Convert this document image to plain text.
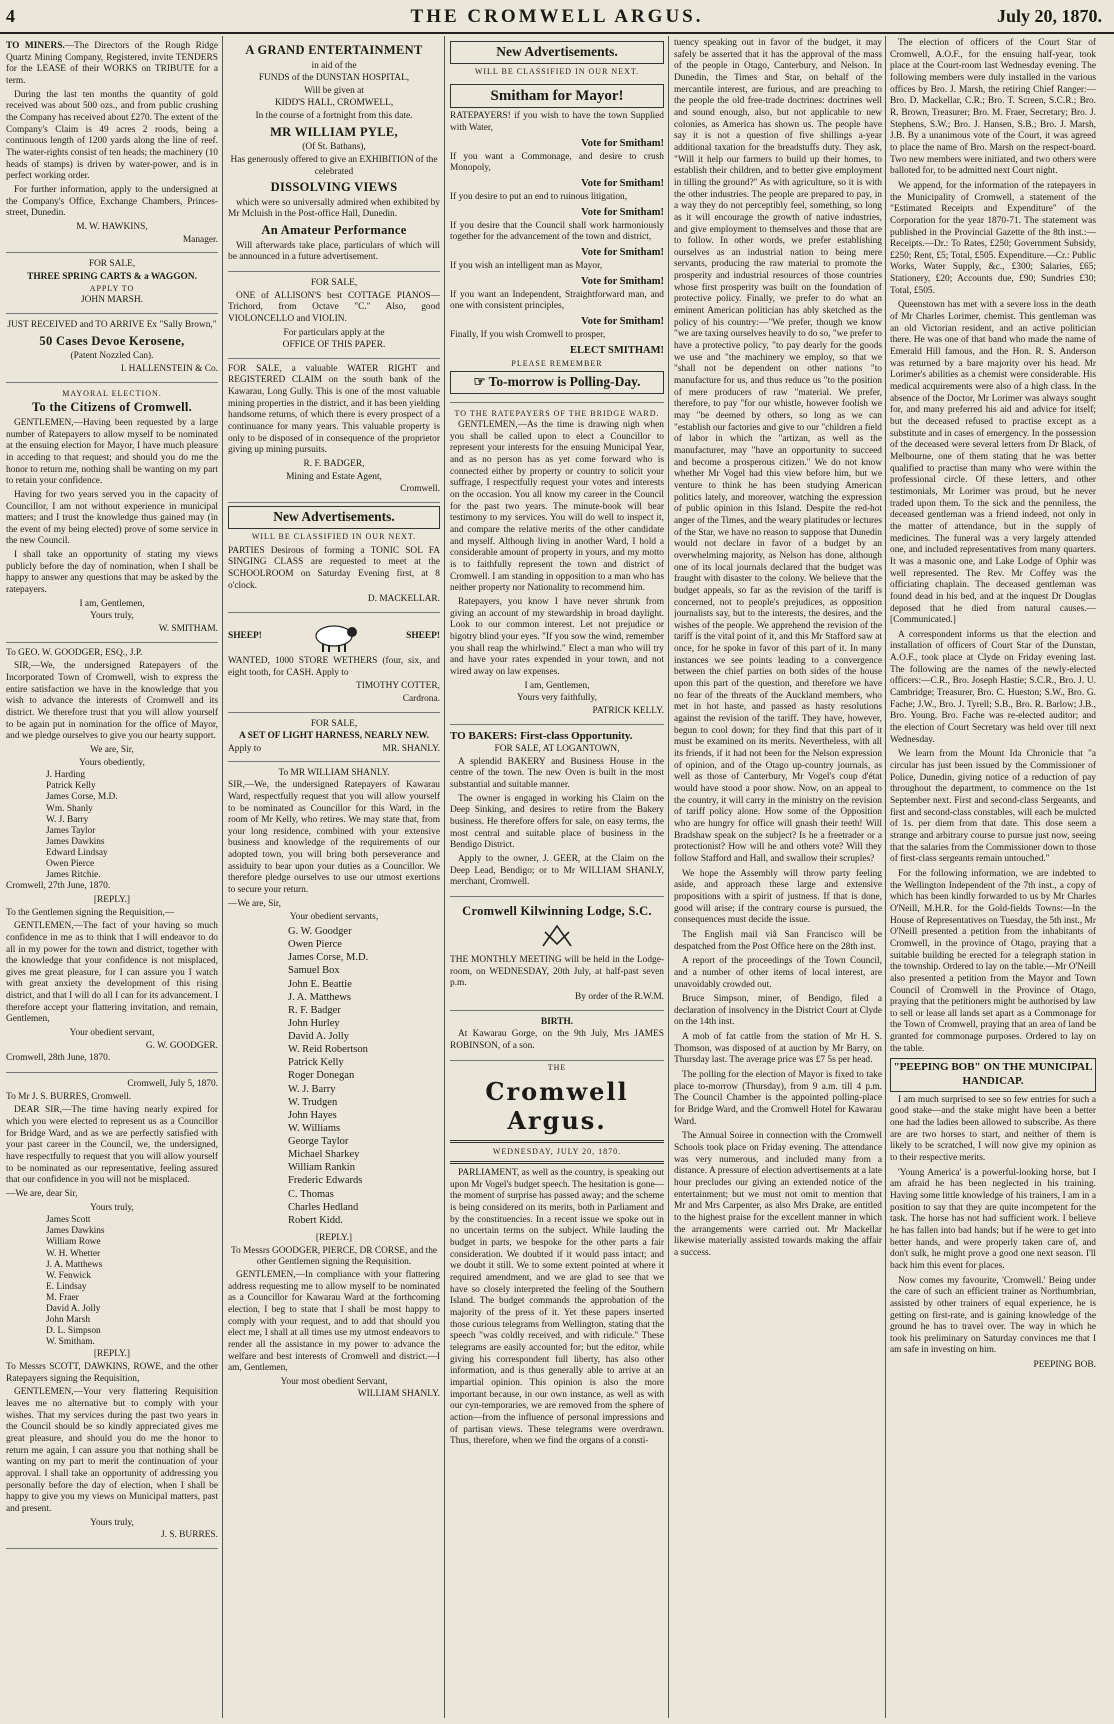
4	THE CROMWELL ARGUS.	July 20, 1870.

TO MINERS.—The Directors of the Rough Ridge Quartz Mining Company, Registered, invite TENDERS for the LEASE of their WORKS on TRIBUTE for a term.

During the last ten months the quantity of gold received was about 500 ozs., and from public crushing the Company has received about £270. The extent of the Company's Claim is 49 acres 2 roods, being a continuous length of 1200 yards along the line of reef. The water-rights consist of ten heads; the machinery (10 heads of stamps) is driven by water-power, and is in perfect working order.

For further information, apply to the undersigned at the Company's Office, Exchange Chambers, Princes-street, Dunedin.

M. W. HAWKINS,
Manager.
FOR SALE,
THREE SPRING CARTS & a WAGGON.
APPLY TO
JOHN MARSH.
JUST RECEIVED and TO ARRIVE Ex "Sally Brown,"
50 Cases Devoe Kerosene,
(Patent Nozzled Can).
I. HALLENSTEIN & Co.
MAYORAL ELECTION.
To the Citizens of Cromwell.

GENTLEMEN,—Having been requested by a large number of Ratepayers to allow myself to be nominated at the ensuing election for Mayor, I have much pleasure in acceding to that request; and should you do me the honor to return me, nothing shall be wanting on my part to retain your confidence.

Having for two years served you in the capacity of Councillor, I am not without experience in municipal matters; and I trust the knowledge thus gained may (in the event of my being elected) prove of some service in the new Council.

I shall take an opportunity of stating my views publicly before the day of nomination, when I shall be happy to answer any questions that may be asked by the ratepayers.

I am, Gentlemen,
Yours truly,
W. SMITHAM.

To GEO. W. GOODGER, ESQ., J.P.

SIR,—We, the undersigned Ratepayers of the Incorporated Town of Cromwell, wish to express the entire satisfaction we have in the knowledge that you wish to advance the interests of Cromwell and its district. We therefore trust that you will allow yourself to be again put in nomination for the office of Mayor, and we pledge ourselves to give you our hearty support.

We are, Sir,
Yours obediently,
J. Harding
Patrick Kelly
James Corse, M.D.
Wm. Shanly
W. J. Barry
James Taylor
James Dawkins
Edward Lindsay
Owen Pierce
James Ritchie.

Cromwell, 27th June, 1870.

[REPLY.]

To the Gentlemen signing the Requisition,—

GENTLEMEN,—The fact of your having so much confidence in me as to think that I will endeavor to do all in my power for the town and district, together with the knowledge that your confidence is not misplaced, gives me great pleasure, for I can assure you I watch with great anxiety the development of this rising district, and that I will do all I can for its advancement. I therefore accept your flattering invitation, and remain, Gentlemen,

Your obedient servant,
G. W. GOODGER.

Cromwell, 28th June, 1870.

Cromwell, July 5, 1870.

To Mr J. S. BURRES, Cromwell.

DEAR SIR,—The time having nearly expired for which you were elected to represent us as a Councillor for Bridge Ward, and as we are perfectly satisfied with your past career in the Council, we, the undersigned, have respectfully to request that you will allow yourself to be nominated as our representative, feeling assured that our confidence in you will not be misplaced.

—We are, dear Sir,

Yours truly,
James Scott
James Dawkins
William Rowe
W. H. Whetter
J. A. Matthews
W. Fenwick
E. Lindsay
M. Fraer
David A. Jolly
John Marsh
D. L. Simpson
W. Smitham.
[REPLY.]

To Messrs SCOTT, DAWKINS, ROWE, and the other Ratepayers signing the Requisition,

GENTLEMEN,—Your very flattering Requisition leaves me no alternative but to comply with your wishes. That my services during the past two years in the Council should be so kindly appreciated gives me great pleasure, and should you do me the honor to return me again, I can assure you that nothing shall be wanting on my part to merit the continuation of your approval. I shall take an opportunity of addressing you personally before the day of election, when I shall be happy to give you my views on Municipal matters, past and present.

Yours truly,
J. S. BURRES.
A GRAND ENTERTAINMENT
in aid of the
FUNDS of the DUNSTAN HOSPITAL,
Will be given at
KIDD'S HALL, CROMWELL,
In the course of a fortnight from this date.
MR WILLIAM PYLE,
(Of St. Bathans),
Has generously offered to give an EXHIBITION of the celebrated
DISSOLVING VIEWS

which were so universally admired when exhibited by Mr Mcluish in the Post-office Hall, Dunedin.

An Amateur Performance

Will afterwards take place, particulars of which will be announced in a future advertisement.

FOR SALE,

ONE of ALLISON'S best COTTAGE PIANOS—Trichord, from Octave "C." Also, good VIOLONCELLO and VIOLIN.

For particulars apply at the
OFFICE OF THIS PAPER.

FOR SALE, a valuable WATER RIGHT and REGISTERED CLAIM on the south bank of the Kawarau, Long Gully. This is one of the most valuable mining properties in the district, and it has been yielding handsome returns, of which there is every prospect of a continuance for many years. This valuable property is only to be disposed of in consequence of the proprietor giving up mining pursuits.

R. F. BADGER,
Mining and Estate Agent,
Cromwell.
New Advertisements.
WILL BE CLASSIFIED IN OUR NEXT.

PARTIES Desirous of forming a TONIC SOL FA SINGING CLASS are requested to meet at the SCHOOLROOM on Saturday Evening first, at 8 o'clock.

D. MACKELLAR.
SHEEP!	SHEEP!

WANTED, 1000 STORE WETHERS (four, six, and eight tooth, for CASH. Apply to

TIMOTHY COTTER,
Cardrona.
FOR SALE,
A SET OF LIGHT HARNESS, NEARLY NEW.
Apply to	MR. SHANLY.
To MR WILLIAM SHANLY.

SIR,—We, the undersigned Ratepayers of Kawarau Ward, respectfully request that you will allow yourself to be nominated as Councillor for this Ward, in the room of Mr Kelly, who retires. We may state that, from your long residence, combined with your extensive business and knowledge of the requirements of our adopted town, you will bring both perseverance and assiduity to bear upon your duties as a Councillor. We therefore pledge ourselves to use our utmost exertions to secure your return.

—We are, Sir,

Your obedient servants,
G. W. Goodger
Owen Pierce
James Corse, M.D.
Samuel Box
John E. Beattie
J. A. Matthews
R. F. Badger
John Hurley
David A. Jolly
W. Reid Robertson
Patrick Kelly
Roger Donegan
W. J. Barry
W. Trudgen
John Hayes
W. Williams
George Taylor
Michael Sharkey
William Rankin
Frederic Edwards
C. Thomas
Charles Hedland
Robert Kidd.
[REPLY.]
To Messrs GOODGER, PIERCE, DR CORSE, and the other Gentlemen signing the Requisition.

GENTLEMEN,—In compliance with your flattering address requesting me to allow myself to be nominated as a Councillor for Kawarau Ward at the forthcoming election, I beg to state that I shall be most happy to comply with your request, and to add that should you elect me, I shall at all times use my utmost endeavors to render all the assistance in my power to advance the welfare and best interests of Cromwell and district.—I am, Gentlemen,

Your most obedient Servant,
WILLIAM SHANLY.
New Advertisements.
WILL BE CLASSIFIED IN OUR NEXT.
Smitham for Mayor!

RATEPAYERS! if you wish to have the town Supplied with Water,

Vote for Smitham!

If you want a Commonage, and desire to crush Monopoly,

Vote for Smitham!

If you desire to put an end to ruinous litigation,

Vote for Smitham!

If you desire that the Council shall work harmoniously together for the advancement of the town and district,

Vote for Smitham!

If you wish an intelligent man as Mayor,

Vote for Smitham!

If you want an Independent, Straightforward man, and one with consistent principles,

Vote for Smitham!

Finally, If you wish Cromwell to prosper,

ELECT SMITHAM!
PLEASE REMEMBER
☞ To-morrow is Polling-Day.
TO THE RATEPAYERS OF THE BRIDGE WARD.

GENTLEMEN,—As the time is drawing nigh when you shall be called upon to elect a Councillor to represent your interests for the ensuing Municipal Year, and as no person has as yet come forward who is connected either by property or country to solicit your suffrage, I respectfully request your votes and interests on the occasion. You all know my career in the Council for the past two years. The minute-book will bear testimony to my services. You will do well to inspect it, and compare the relative merits of the other candidate and myself. Although living in another Ward, I hold a considerable amount of property in yours, and my motto is to faithfully represent the town and district of Cromwell. I am standing in opposition to a man who has neither property nor Nationality to recommend him.

Ratepayers, you know I have never shrunk from giving an account of my stewardship in broad daylight. Look to our common interest. Let not prejudice or bigotry blind your eyes. "If you sow the wind, remember you shall reap the whirlwind." Elect a man who will try and have your rates expended in your town, and not wired away on law expenses.

I am, Gentlemen,
Yours very faithfully,
PATRICK KELLY.
TO BAKERS: First-class Opportunity.
FOR SALE, AT LOGANTOWN,

A splendid BAKERY and Business House in the centre of the town. The new Oven is built in the most substantial and suitable manner.

The owner is engaged in working his Claim on the Deep Sinking, and desires to retire from the Bakery business. He therefore offers for sale, on easy terms, the most central and suitable place of business in the Bendigo District.

Apply to the owner, J. GEER, at the Claim on the Deep Lead, Bendigo; or to Mr WILLIAM SHANLY, merchant, Cromwell.

Cromwell Kilwinning Lodge, S.C.

THE MONTHLY MEETING will be held in the Lodge-room, on WEDNESDAY, 20th July, at half-past seven p.m.

By order of the R.W.M.
BIRTH.

At Kawarau Gorge, on the 9th July, Mrs JAMES ROBINSON, of a son.

THE
Cromwell Argus.
WEDNESDAY, JULY 20, 1870.

PARLIAMENT, as well as the country, is speaking out upon Mr Vogel's budget speech. The hesitation is gone—the moment of surprise has passed away; and the scheme is being considered on its merits, both in Parliament and by the constituencies. In a recent issue we spoke out in no uncertain terms on the subject. While lauding the budget in parts, we bespoke for the other parts a fair consideration. We doubted if it would pass intact; and we doubt it still. We to some extent pointed at where it required amendment, and we are glad to see that we have so closely interpreted the feeling of the Southern Island. The budget commands the approbation of the majority of the press of it. Yet these papers inserted those curious telegrams from Wellington, stating that the speech "was coldly received, and with ridicule." These telegrams are easily accounted for; but the editor, while giving his correspondent full liberty, has also other information, and is thus generally able to arrive at an impartial opinion. This opinion is also the more important because, in our own instance, as well as with our cyn-temporaries, we are removed from the sphere of action—from the influence of personal impressions and of partisan views. These telegrams were overdrawn. Thus, therefore, when we find the organs of a consti-

tuency speaking out in favor of the budget, it may safely be asserted that it has the approval of the mass of the people in Otago, Canterbury, and Nelson. In Dunedin, the Times and Star, on behalf of the mercantile interest, are furious, and are preaching to the people the old free-trade doctrines: doctrines well and sound enough, also, but not applicable to new colonies, as America has shown us. The people have say it is not a question of five shillings a-year additional taxation for the breadstuffs duty. They ask, "Will it help our farmers to build up their homes, to establish their children, and to better give employment in tilling the ground?" As with agriculture, so it is with the other industries. The people are prepared to pay, in a way they do not perceptibly feel, something, so long as it will encourage the growth of native industries, and give employment to themselves and those that are to follow. In other words, we prefer establishing ourselves as an industrial nation to being mere servants, producing the raw material to promote the prosperity and industrial resources of those countries whose first prosperity was built on the foundation of protective policy. Finally, we prefer to do what an eminent American politician has ably sketched as the policy of his country:—"We prefer, though we know "we are taxing ourselves heavily to do so, "we prefer to have a protective policy, "to pay dearly for the goods we use and "the machinery we employ, so that we "shall not be dependent on other nations "to manufacture for us, and thus reduce us "to the position of mere producers of raw "material. We prefer, therefore, to pay "for our whistle, however foolish we may "be deemed by others, so long as we can "establish our factories and give to our "children a field of labor in which the "artizan, as well as the manufacturer, may "have an opportunity to succeed and become a prosperous citizen." We do not know whether Mr Vogel had this view before him, but we venture to think he has been studying American politics lately, and moreover, watching the expression of public opinion in this Island. Despite the red-hot anger of the Times, and the weary platitudes or lectures of the Star, we have no reason to suppose that Dunedin would not declare in favor of a budget by an overwhelming majority, as Nelson has done, although one of its local journals declared that the budget was fraught with disaster to the colony. We believe that the budget appeals, so far as the revision of the tariff is concerned, not to people's prejudices, as opposition journalists say, but to the interests, the desires, and the wishes of the people. We apprehend the revision of the tariff is the vital point of it, and this Mr Stafford saw at once, for he spoke in favor of this part of it. In many instances we see points leading to a convergence between the chief parties on both sides of the house upon this part of the question, and therefore we have no fear of the threats of the Auckland members, who met in hot haste, and passed as hasty resolutions against the revision of the tariff. They have, however, begun to cool down; for they find that this part of it must be examined on its merits. Nevertheless, with all its friends, if it had not been for the Nelson expression of opinion, and of the Otago up-country journals, as well as those of Canterbury, Mr Vogel's coup d'état would have stood a poor show. Now, on an appeal to the country, it will carry in the ministry on the revision of tariff policy alone. How some of the Opposition who are hungry for office will gnash their teeth! Will Bradshaw speak on the subject? Is he a freetrader or a protectionist? How will he and others vote? Will they follow Stafford and Hall, and swallow their scruples?

We hope the Assembly will throw party feeling aside, and approach these large and extensive propositions with a spirit of justness. If that is done, good will arise; if the contrary course is pursued, the consequences must decide the issue.

The English mail viâ San Francisco will be despatched from the Post Office here on the 28th inst.

A report of the proceedings of the Town Council, and a number of other items of local interest, are unavoidably crowded out.

Bruce Simpson, miner, of Bendigo, filed a declaration of insolvency in the District Court at Clyde on the 14th inst.

A mob of fat cattle from the station of Mr H. S. Thomson, was disposed of at auction by Mr Barry, on Thursday last. The average price was £7 5s per head.

The polling for the election of Mayor is fixed to take place to-morrow (Thursday), from 9 a.m. till 4 p.m. The Council Chamber is the appointed polling-place for Bridge Ward, and the Cromwell Hotel for Kawarau Ward.

The Annual Soiree in connection with the Cromwell Schools took place on Friday evening. The attendance was very numerous, and included many from a distance. A pressure of election advertisements at a late hour precludes our giving an extended notice of the entertainment; but we must not omit to mention that Mr and Mrs Carpenter, as also Mrs Drake, are entitled to the highest praise for the excellent manner in which the arrangements were carried out. Mr Mackellar likewise materially assisted towards making the affair a success.

The election of officers of the Court Star of Cromwell, A.O.F., for the ensuing half-year, took place at the Court-room last Wednesday evening. The following members were duly installed in the various offices by Bro. J. Marsh, the retiring Chief Ranger:—Bro. D. Mackellar, C.R.; Bro. T. Screen, S.C.R.; Bro. R. Brown, Treasurer; Bro. M. Fraer, Secretary; Bro. J. Stephens, S.W.; Bro. J. Hansen, S.B.; Bro. J. Marsh, J.B. By a unanimous vote of the Court, it was agreed to place the name of Bro. Marsh on the respect-board. Two new members were initiated, and two others were balloted for, to be admitted next Court night.

We append, for the information of the ratepayers in the Municipality of Cromwell, a statement of the "Estimated Receipts and Expenditure" of the Corporation for the year 1870-71. The statement was published in the Provincial Gazette of the 8th inst.:—Receipts.—Dr.: To Rates, £250; Government Subsidy, £250; Rent, £5; Total, £505. Expenditure.—Cr.: Public Works, Water Supply, &c., £300; Salaries, £65; Stationery, £20; Accounts due, £90; Sundries £30; Total, £505.

Queenstown has met with a severe loss in the death of Mr Charles Lorimer, chemist. This gentleman was an old Victorian resident, and an active politician there. He was one of that band who made the name of Emerald Hill famous, and the Hon. R. S. Anderson was returned by a bare majority over his head. Mr Lorimer's abilities as a chemist were considerable. His medical acquirements were also of a high class. In the absence of the Doctor, Mr Lorimer was always sought for, and many preferred his aid and advice for itself; but the deceased refused to practise except as a substitute and in cases of emergency. In the possession of the deceased were several letters from Dr Black, of Melbourne, one of them stating that he was better qualified to practise than many who were within the professional circle. Of these letters, and other testimonials, Mr Lorimer was proud, but he never traded upon them. To the sick and the penniless, the deceased gentleman was a friend indeed, not only in the matter of attendance, but in the supply of medicines. The funeral was a very largely attended one, and included representatives from many quarters. It was a masonic one, and Lake Lodge of Ophir was well represented. The Rev. Mr Coffey was the officiating chaplain. The deceased gentleman was found dead in his bed, and at the inquest Dr Douglas deposed that he died from natural causes.—[Communicated.]

A correspondent informs us that the election and installation of officers of Court Star of the Dunstan, A.O.F., took place at Clyde on Friday evening last. The following are the names of the newly-elected officers:—C.R., Bro. Joseph Hastie; S.C.R., Bro. J. U. Cambridge; Treasurer, Bro. C. Hueston; S.W., Bro. G. Fache; J.W., Bro. J. Tyrell; S.B., Bro. R. Barlow; J.B., Bro. Young. Bro. Fache was re-elected auditor; and the election of Court Secretary was held over till next Wednesday.

We learn from the Mount Ida Chronicle that "a circular has just been issued by the Commissioner of Police, Dunedin, giving notice of a reduction of pay throughout the department, to commence on the 1st September next. First and second-class Sergeants, and first and second-class constables, will each be mulcted of 1s. per diem from that date. This dose seem a strange and arbitrary course to pursue just now, seeing that the salaries from the Commissioner down to those of first-class sergeants remain untouched."

For the following information, we are indebted to the Wellington Independent of the 7th inst., a copy of which has been kindly forwarded to us by Mr Charles O'Neill, M.H.R. for the Gold-fields Towns:—In the House of Representatives on Tuesday, the 5th inst., Mr O'Neill presented a petition from the inhabitants of Cromwell, in the province of Otago, praying that a suitable building be erected for a telegraph station in the township. Ordered to lay on the table.—Mr O'Neill also presented a petition from the Mayor and Town Council of Cromwell in the Province of Otago, praying that the petitioners might be authorised by law to sell or lease all lands set apart as a Commonage for the Town of Cromwell, praying that an area of land be granted for commonage purposes. Ordered to lay on the table.

"PEEPING BOB" ON THE MUNICIPAL HANDICAP.

I am much surprised to see so few entries for such a good stake—and the stake might have been a better one had the ladies been allowed to subscribe. As there are are two horses to start, and neither of them is likely to be scratched, I will now give my opinion as to their respective merits.

'Young America' is a powerful-looking horse, but I am afraid he has been neglected in his training. Having some little knowledge of his trainers, I am in a position to say that they are quite incompetent for the task. The horse has not had sufficient work. I believe he has fallen into bad hands; but if he were to get into better hands, and were properly taken care of, and don't sulk, he might prove a good one next season. I'll back him this event for places.

Now comes my favourite, 'Cromwell.' Being under the care of such an efficient trainer as Northumbrian, assisted by other trainers of equal experience, he is getting on first-rate, and is gaining knowledge of the ground he has to travel over. The way in which he took his preliminary on Saturday convinces me that I am safe in investing on him.

PEEPING BOB.
